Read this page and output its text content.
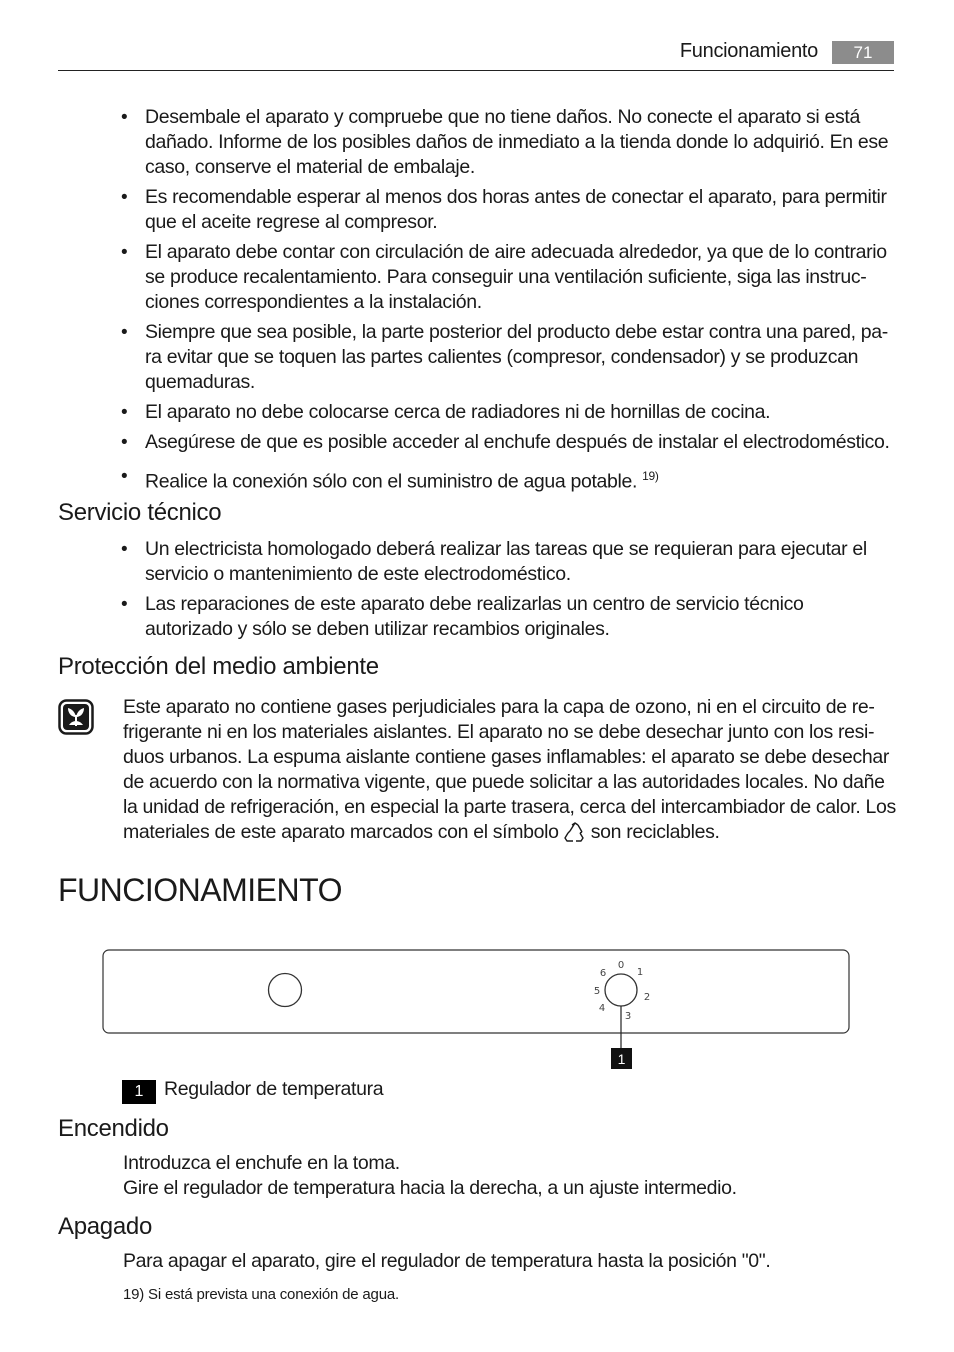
Funcionamiento	71
• Desembale el aparato y compruebe que no tiene daños. No conecte el aparato si está dañado. Informe de los posibles daños de inmediato a la tienda donde lo adquirió. En ese caso, conserve el material de embalaje.
• Es recomendable esperar al menos dos horas antes de conectar el aparato, para permitir que el aceite regrese al compresor.
• El aparato debe contar con circulación de aire adecuada alrededor, ya que de lo contrario se produce recalentamiento. Para conseguir una ventilación suficiente, siga las instruc-ciones correspondientes a la instalación.
• Siempre que sea posible, la parte posterior del producto debe estar contra una pared, pa-ra evitar que se toquen las partes calientes (compresor, condensador) y se produzcan quemaduras.
• El aparato no debe colocarse cerca de radiadores ni de hornillas de cocina.
• Asegúrese de que es posible acceder al enchufe después de instalar el electrodoméstico.
• Realice la conexión sólo con el suministro de agua potable. $^{19)}$
Servicio técnico
• Un electricista homologado deberá realizar las tareas que se requieran para ejecutar el servicio o mantenimiento de este electrodoméstico.
• Las reparaciones de este aparato debe realizarlas un centro de servicio técnico autorizado y sólo se deben utilizar recambios originales.
Protección del medio ambiente
Este aparato no contiene gases perjudiciales para la capa de ozono, ni en el circuito de re-frigerante ni en los materiales aislantes. El aparato no se debe desechar junto con los resi-duos urbanos. La espuma aislante contiene gases inflamables: el aparato se debe desechar de acuerdo con la normativa vigente, que puede solicitar a las autoridades locales. No dañe la unidad de refrigeración, en especial la parte trasera, cerca del intercambiador de calor. Los materiales de este aparato marcados con el símbolo son reciclables.
FUNCIONAMIENTO
0
1
2
3
4
5
6
1
1	Regulador de temperatura
Encendido

Introduzca el enchufe en la toma.

Gire el regulador de temperatura hacia la derecha, a un ajuste intermedio.

Apagado

Para apagar el aparato, gire el regulador de temperatura hasta la posición "0".

19) Si está prevista una conexión de agua.
